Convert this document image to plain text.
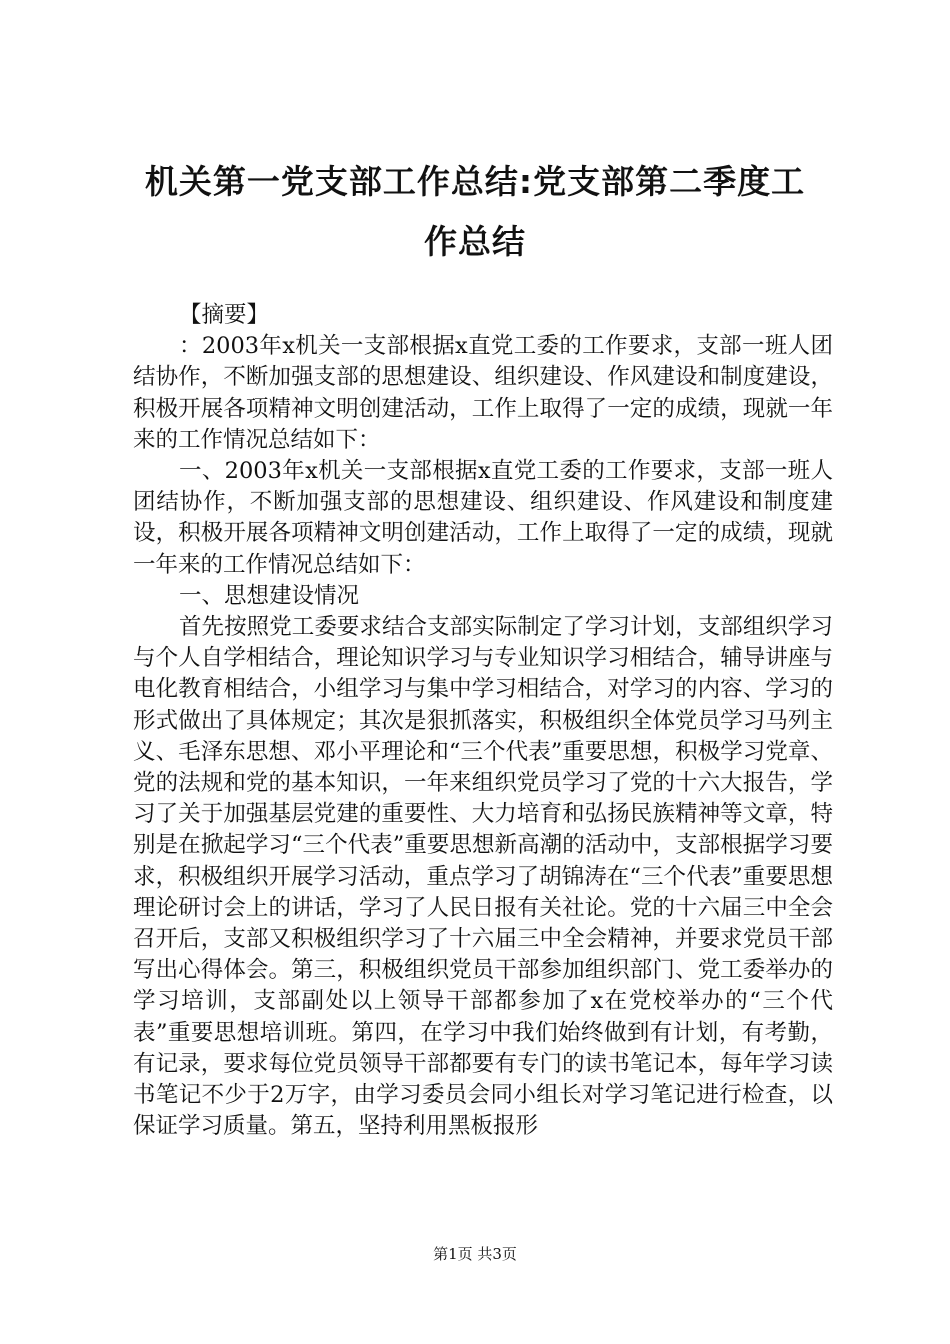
机关第一党支部工作总结:党支部第二季度工
作总结

【摘要】

：2003年x机关一支部根据x直党工委的工作要求，支部一班人团结协作，不断加强支部的思想建设、组织建设、作风建设和制度建设，积极开展各项精神文明创建活动，工作上取得了一定的成绩，现就一年来的工作情况总结如下：

一、2003年x机关一支部根据x直党工委的工作要求，支部一班人团结协作，不断加强支部的思想建设、组织建设、作风建设和制度建设，积极开展各项精神文明创建活动，工作上取得了一定的成绩，现就一年来的工作情况总结如下：

一、思想建设情况

首先按照党工委要求结合支部实际制定了学习计划，支部组织学习与个人自学相结合，理论知识学习与专业知识学习相结合，辅导讲座与电化教育相结合，小组学习与集中学习相结合，对学习的内容、学习的形式做出了具体规定；其次是狠抓落实，积极组织全体党员学习马列主义、毛泽东思想、邓小平理论和“三个代表”重要思想，积极学习党章、党的法规和党的基本知识，一年来组织党员学习了党的十六大报告，学习了关于加强基层党建的重要性、大力培育和弘扬民族精神等文章，特别是在掀起学习“三个代表”重要思想新高潮的活动中，支部根据学习要求，积极组织开展学习活动，重点学习了胡锦涛在“三个代表”重要思想理论研讨会上的讲话，学习了人民日报有关社论。党的十六届三中全会召开后，支部又积极组织学习了十六届三中全会精神，并要求党员干部写出心得体会。第三，积极组织党员干部参加组织部门、党工委举办的学习培训，支部副处以上领导干部都参加了x在党校举办的“三个代表”重要思想培训班。第四，在学习中我们始终做到有计划，有考勤，有记录，要求每位党员领导干部都要有专门的读书笔记本，每年学习读书笔记不少于2万字，由学习委员会同小组长对学习笔记进行检查，以保证学习质量。第五，坚持利用黑板报形

第1页 共3页
